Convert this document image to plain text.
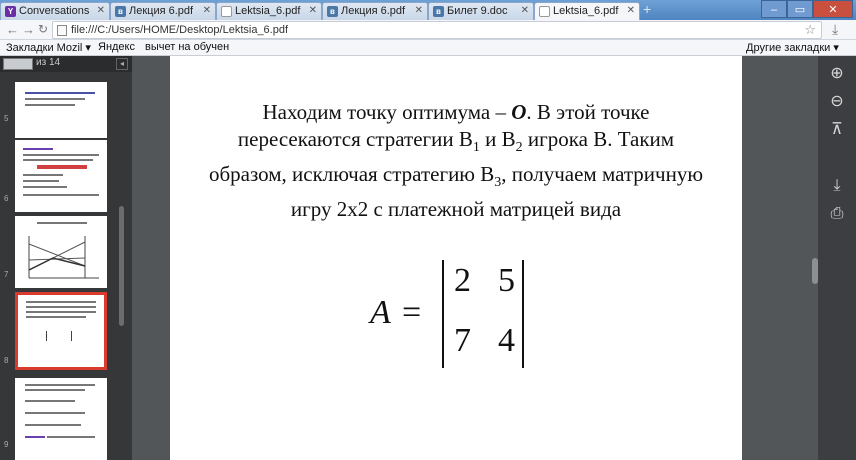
Y Conversations ✕	в Лекция 6.pdf ✕	Lektsia_6.pdf ✕	в Лекция 6.pdf ✕	в Билет 9.doc ✕	Lektsia_6.pdf ✕ +	–	▭	✕
← → ↻ file:///C:/Users/HOME/Desktop/Lektsia_6.pdf	☆ ⤓
Закладки Mozil ▾ Яндекс вычет на обучен	Другие закладки ▾
из 14	◂
5
6
7
8
9
Находим точку оптимума – O. В этой точке
пересекаются стратегии $B_1$ и $B_2$ игрока B. Таким
образом, исключая стратегию $B_3$, получаем матричную
игру 2х2 с платежной матрицей вида
A =
2 5
7 4
⊕
⊖
⊼
⤓
⎙
